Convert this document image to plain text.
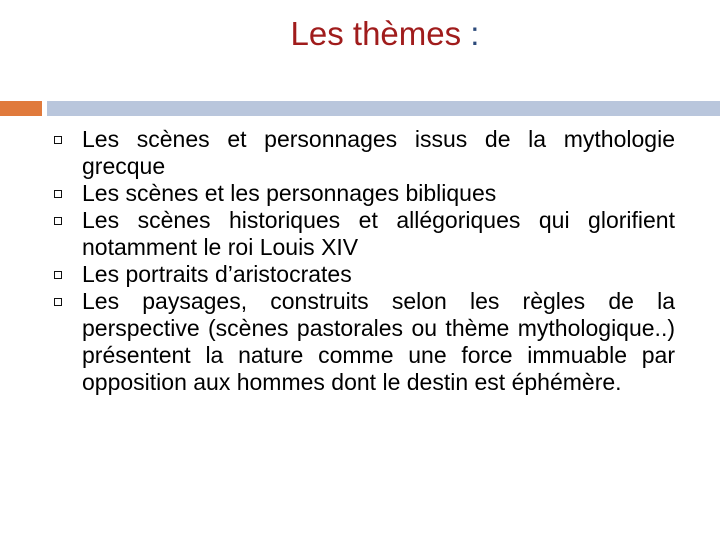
Les thèmes :
Les scènes et personnages issus de la mythologie grecque
Les scènes et les personnages bibliques
Les scènes historiques et allégoriques qui glorifient notamment le roi Louis XIV
Les portraits d’aristocrates
Les paysages, construits selon les règles de la perspective (scènes pastorales ou thème mythologique..) présentent la nature comme une force immuable par opposition aux hommes dont le destin est éphémère.
